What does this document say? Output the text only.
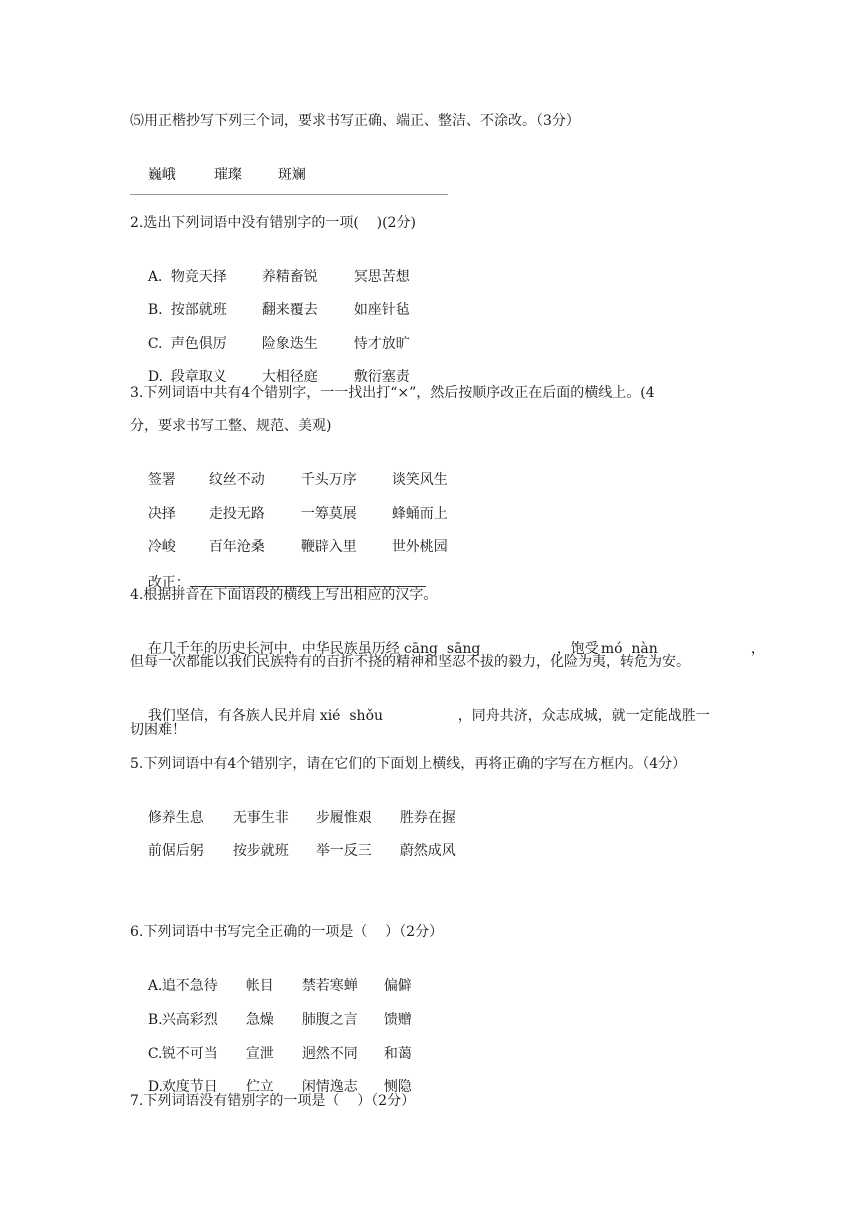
⑸用正楷抄写下列三个词，要求书写正确、端正、整洁、不涂改。（3分）

巍峨	璀璨	斑斓

2.选出下列词语中没有错别字的一项(    )(2分)

A. 物竞天择	养精畜锐	冥思苦想

B. 按部就班	翻来覆去	如座针毡

C. 声色俱厉	险象迭生	恃才放旷

D. 段章取义	大相径庭	敷衍塞责

3.下列词语中共有4个错别字，一一找出打“×”，然后按顺序改正在后面的横线上。(4
分，要求书写工整、规范、美观)

签署 纹丝不动	千头万序	谈笑风生

决择 走投无路	一筹莫展	蜂蛹而上

冷峻 百年沧桑	鞭辟入里	世外桃园

改正：

4.根据拼音在下面语段的横线上写出相应的汉字。

在几千年的历史长河中，中华民族虽历经 cāng  sāng	，饱受 mó  nàn	，

但每一次都能以我们民族特有的百折不挠的精神和坚忍不拔的毅力，化险为夷，转危为安。

我们坚信，有各族人民并肩 xié  shǒu	，同舟共济，众志成城，就一定能战胜一

切困难！
5.下列词语中有4个错别字，请在它们的下面划上横线，再将正确的字写在方框内。（4分）

修养生息 无事生非 步履惟艰 胜券在握

前倨后躬 按步就班 举一反三 蔚然成风

6.下列词语中书写完全正确的一项是（    ）（2分）

A.追不急待 帐目 禁若寒蝉 偏僻

B.兴高彩烈 急燥 肺腹之言 馈赠

C.锐不可当 宣泄 迥然不同 和蔼

D.欢度节日 伫立 闲情逸志 恻隐

7.下列词语没有错别字的一项是（    ）（2分）
